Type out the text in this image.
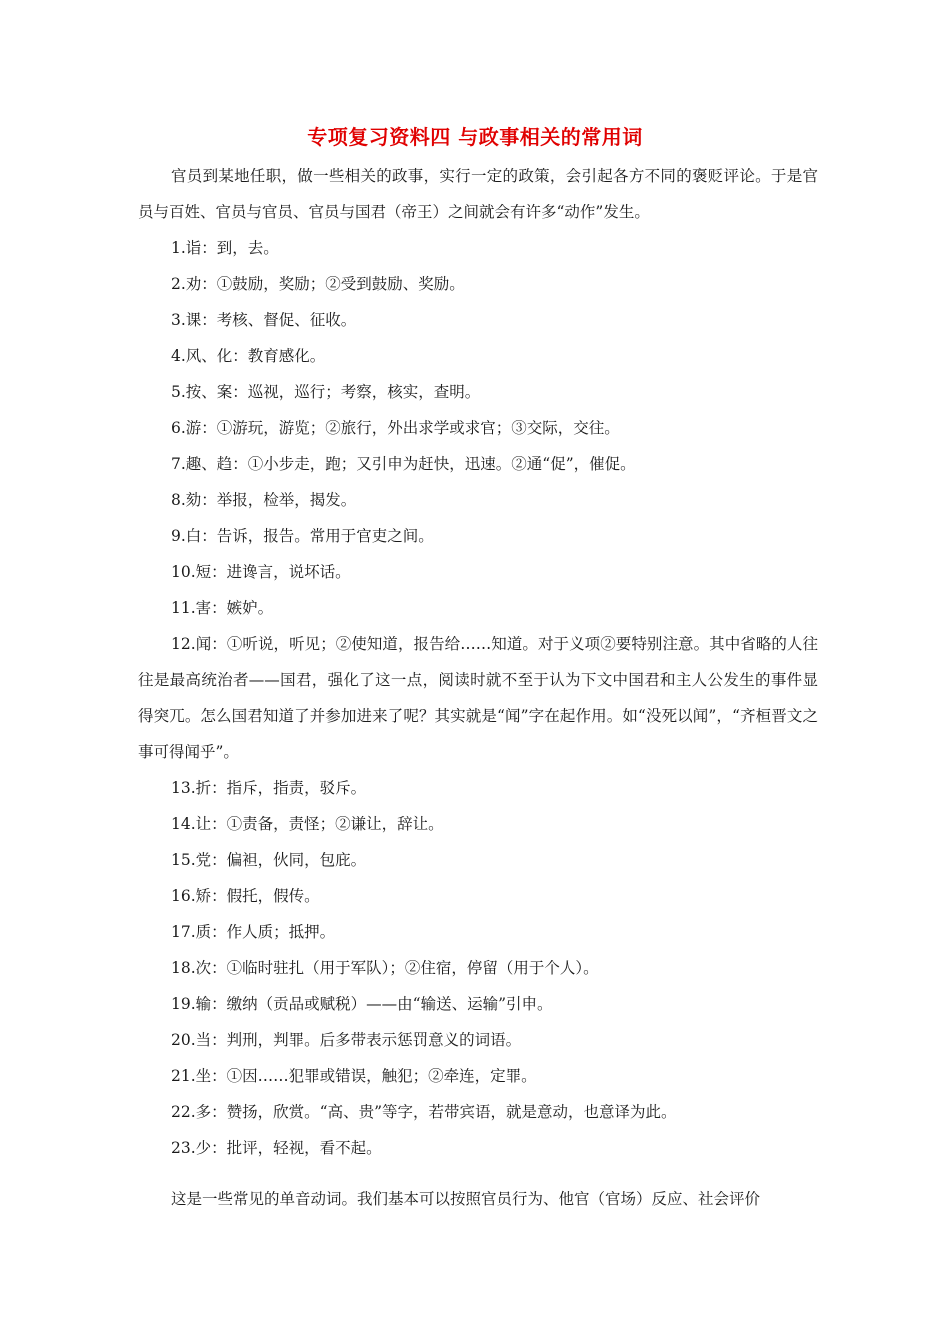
专项复习资料四 与政事相关的常用词

官员到某地任职，做一些相关的政事，实行一定的政策，会引起各方不同的褒贬评论。于是官员与百姓、官员与官员、官员与国君（帝王）之间就会有许多“动作”发生。

1.诣：到，去。

2.劝：①鼓励，奖励；②受到鼓励、奖励。

3.课：考核、督促、征收。

4.风、化：教育感化。

5.按、案：巡视，巡行；考察，核实，查明。

6.游：①游玩，游览；②旅行，外出求学或求官；③交际，交往。

7.趣、趋：①小步走，跑；又引申为赶快，迅速。②通“促”，催促。

8.劾：举报，检举，揭发。

9.白：告诉，报告。常用于官吏之间。

10.短：进谗言，说坏话。

11.害：嫉妒。

12.闻：①听说，听见；②使知道，报告给……知道。对于义项②要特别注意。其中省略的人往往是最高统治者——国君，强化了这一点，阅读时就不至于认为下文中国君和主人公发生的事件显得突兀。怎么国君知道了并参加进来了呢？其实就是“闻”字在起作用。如“没死以闻”，“齐桓晋文之事可得闻乎”。

13.折：指斥，指责，驳斥。

14.让：①责备，责怪；②谦让，辞让。

15.党：偏袒，伙同，包庇。

16.矫：假托，假传。

17.质：作人质；抵押。

18.次：①临时驻扎（用于军队）；②住宿，停留（用于个人）。

19.输：缴纳（贡品或赋税）——由“输送、运输”引申。

20.当：判刑，判罪。后多带表示惩罚意义的词语。

21.坐：①因……犯罪或错误，触犯；②牵连，定罪。

22.多：赞扬，欣赏。“高、贵”等字，若带宾语，就是意动，也意译为此。

23.少：批评，轻视，看不起。

这是一些常见的单音动词。我们基本可以按照官员行为、他官（官场）反应、社会评价
